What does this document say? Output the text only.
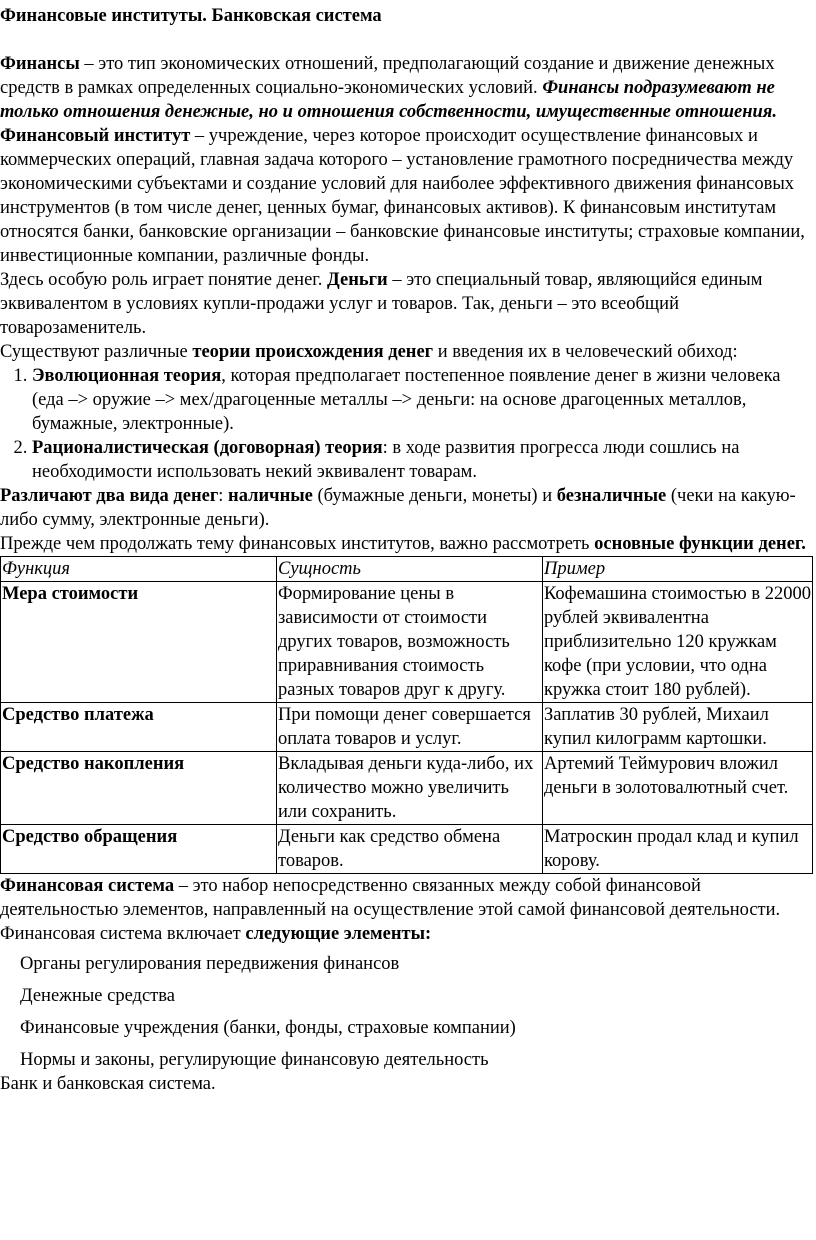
Финансовые институты. Банковская система

Финансы – это тип экономических отношений, предполагающий создание и движение денежных средств в рамках определенных социально-экономических условий. Финансы подразумевают не только отношения денежные, но и отношения собственности, имущественные отношения.

Финансовый институт – учреждение, через которое происходит осуществление финансовых и коммерческих операций, главная задача которого – установление грамотного посредничества между экономическими субъектами и создание условий для наиболее эффективного движения финансовых инструментов (в том числе денег, ценных бумаг, финансовых активов). К финансовым институтам относятся банки, банковские организации – банковские финансовые институты; страховые компании, инвестиционные компании, различные фонды.

Здесь особую роль играет понятие денег. Деньги – это специальный товар, являющийся единым эквивалентом в условиях купли-продажи услуг и товаров. Так, деньги – это всеобщий товарозаменитель.

Существуют различные теории происхождения денег и введения их в человеческий обиход:

1. Эволюционная теория, которая предполагает постепенное появление денег в жизни человека (еда –> оружие –> мех/драгоценные металлы –> деньги: на основе драгоценных металлов, бумажные, электронные).
2. Рационалистическая (договорная) теория: в ходе развития прогресса люди сошлись на необходимости использовать некий эквивалент товарам.

Различают два вида денег: наличные (бумажные деньги, монеты) и безналичные (чеки на какую-либо сумму, электронные деньги).

Прежде чем продолжать тему финансовых институтов, важно рассмотреть основные функции денег.

Функция	Сущность	Пример
Мера стоимости	Формирование цены в зависимости от стоимости других товаров, возможность приравнивания стоимость разных товаров друг к другу.	Кофемашина стоимостью в 22000 рублей эквивалентна приблизительно 120 кружкам кофе (при условии, что одна кружка стоит 180 рублей).
Средство платежа	При помощи денег совершается оплата товаров и услуг.	Заплатив 30 рублей, Михаил купил килограмм картошки.
Средство накопления	Вкладывая деньги куда-либо, их количество можно увеличить или сохранить.	Артемий Теймурович вложил деньги в золотовалютный счет.
Средство обращения	Деньги как средство обмена товаров.	Матроскин продал клад и купил корову.

Финансовая система – это набор непосредственно связанных между собой финансовой деятельностью элементов, направленный на осуществление этой самой финансовой деятельности. Финансовая система включает следующие элементы:

Органы регулирования передвижения финансов
Денежные средства
Финансовые учреждения (банки, фонды, страховые компании)
Нормы и законы, регулирующие финансовую деятельность

Банк и банковская система.
